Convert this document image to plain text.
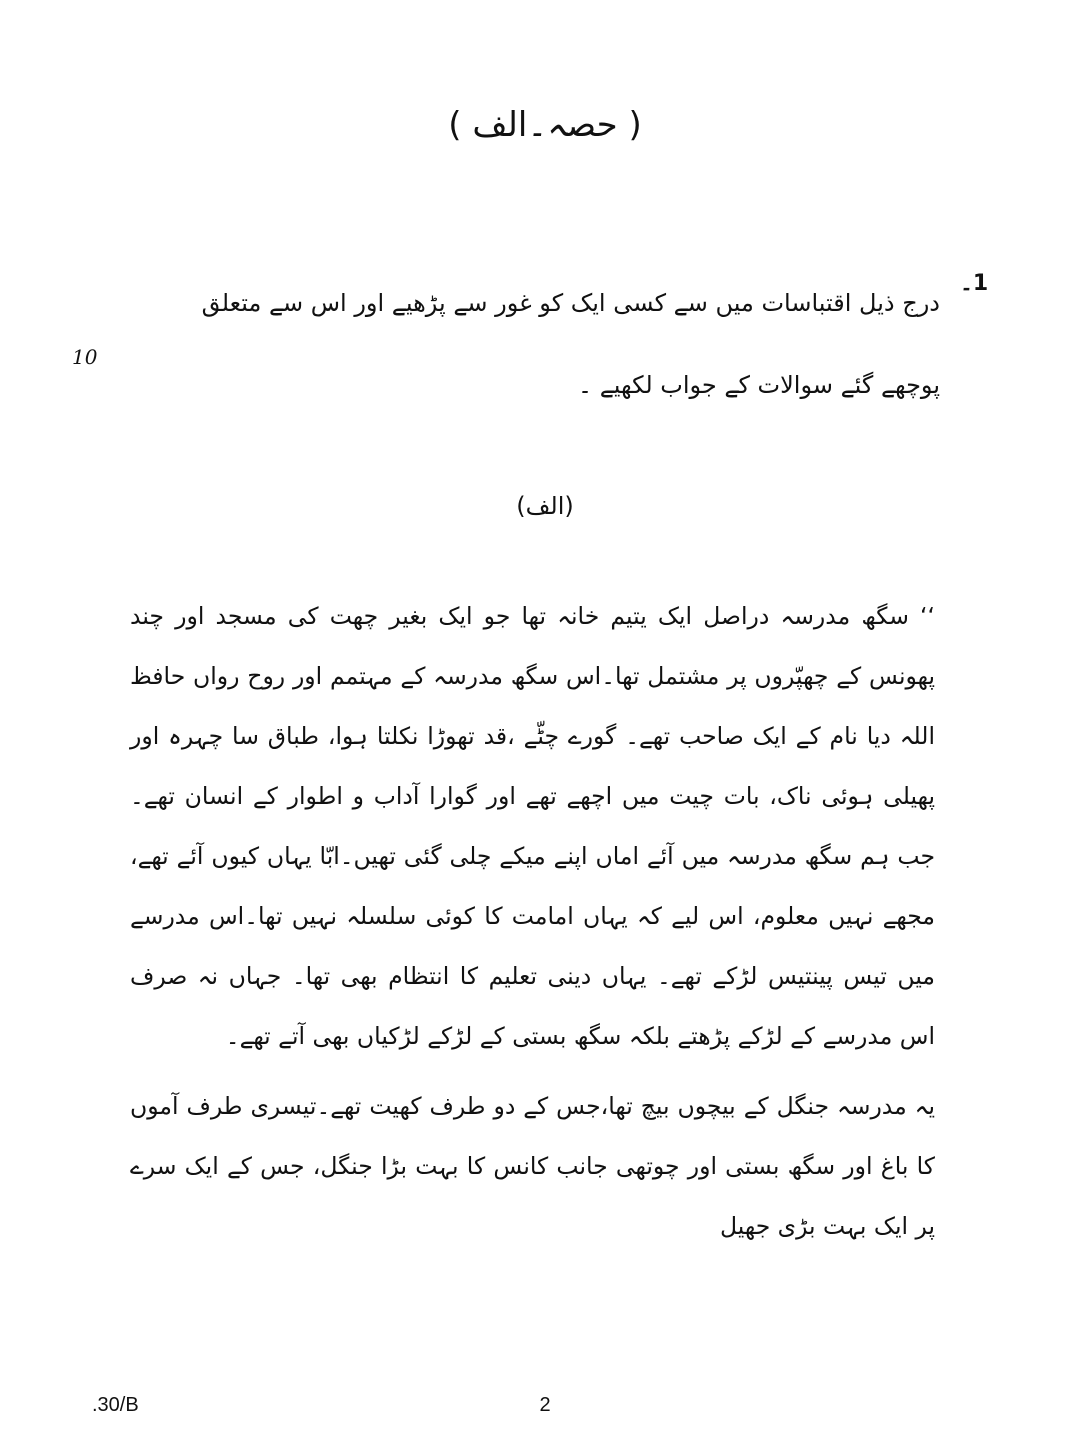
( حصہ۔الف )
1۔
درج ذیل اقتباسات میں سے کسی ایک کو غور سے پڑھیے اور اس سے متعلق پوچھے گئے سوالات کے جواب لکھیے ۔
10
(الف)

‘‘ سگھ مدرسہ دراصل ایک یتیم خانہ تھا جو ایک بغیر چھت کی مسجد اور چند پھونس کے چھپّروں پر مشتمل تھا۔اس سگھ مدرسہ کے مہتمم اور روح رواں حافظ اللہ دیا نام کے ایک صاحب تھے۔ گورے چٹّے ،قد تھوڑا نکلتا ہوا، طباق سا چہرہ اور پھیلی ہوئی ناک، بات چیت میں اچھے تھے اور گوارا آداب و اطوار کے انسان تھے۔ جب ہم سگھ مدرسہ میں آئے اماں اپنے میکے چلی گئی تھیں۔ابّا یہاں کیوں آئے تھے، مجھے نہیں معلوم، اس لیے کہ یہاں امامت کا کوئی سلسلہ نہیں تھا۔اس مدرسے میں تیس پینتیس لڑکے تھے۔ یہاں دینی تعلیم کا انتظام بھی تھا۔ جہاں نہ صرف اس مدرسے کے لڑکے پڑھتے بلکہ سگھ بستی کے لڑکے لڑکیاں بھی آتے تھے۔

یہ مدرسہ جنگل کے بیچوں بیچ تھا،جس کے دو طرف کھیت تھے۔تیسری طرف آموں کا باغ اور سگھ بستی اور چوتھی جانب کانس کا بہت بڑا جنگل، جس کے ایک سرے پر ایک بہت بڑی جھیل

.30/B	2
